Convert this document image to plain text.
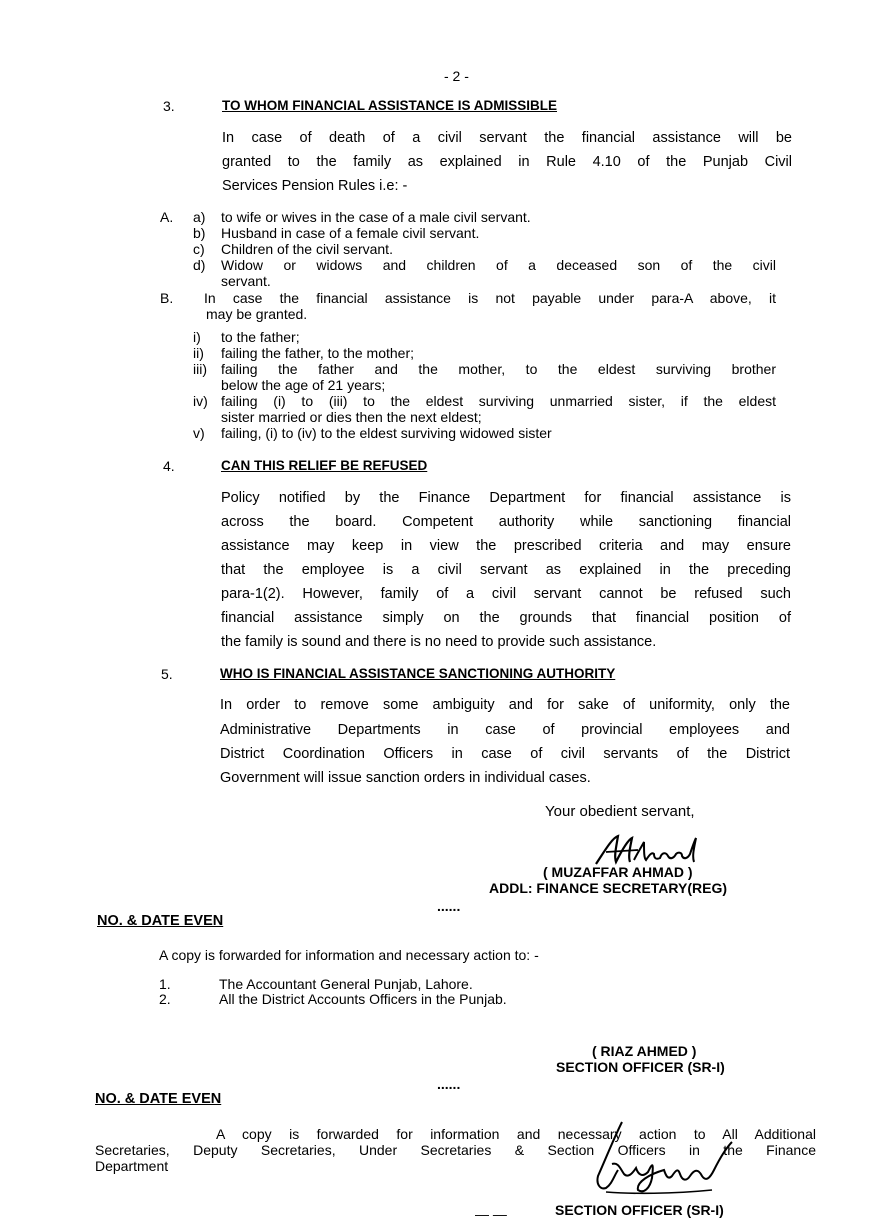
- 2 -
3.	TO WHOM FINANCIAL ASSISTANCE IS ADMISSIBLE
In case of death of a civil servant the financial assistance will be
granted to the family as explained in Rule 4.10 of the Punjab Civil
Services Pension Rules i.e: -
A. a) to wife or wives in the case of a male civil servant.
b) Husband in case of a female civil servant.
c) Children of the civil servant.
d) Widow or widows and children of a deceased son of the civil
servant.
B. In case the financial assistance is not payable under para-A above, it
may be granted.
i) to the father;
ii) failing the father, to the mother;
iii) failing the father and the mother, to the eldest surviving brother
below the age of 21 years;
iv) failing (i) to (iii) to the eldest surviving unmarried sister, if the eldest
sister married or dies then the next eldest;
v) failing, (i) to (iv) to the eldest surviving widowed sister
4.	CAN THIS RELIEF BE REFUSED
Policy notified by the Finance Department for financial assistance is
across the board. Competent authority while sanctioning financial
assistance may keep in view the prescribed criteria and may ensure
that the employee is a civil servant as explained in the preceding
para-1(2). However, family of a civil servant cannot be refused such
financial assistance simply on the grounds that financial position of
the family is sound and there is no need to provide such assistance.
5.	WHO IS FINANCIAL ASSISTANCE SANCTIONING AUTHORITY
In order to remove some ambiguity and for sake of uniformity, only the
Administrative Departments in case of provincial employees and
District Coordination Officers in case of civil servants of the District
Government will issue sanction orders in individual cases.
Your obedient servant,
( MUZAFFAR AHMAD )
ADDL: FINANCE SECRETARY(REG)
......
NO. & DATE EVEN
A copy is forwarded for information and necessary action to: -
1.	The Accountant General Punjab, Lahore.
2.	All the District Accounts Officers in the Punjab.
( RIAZ AHMED )
SECTION OFFICER (SR-I)
......
NO. & DATE EVEN
A copy is forwarded for information and necessary action to All Additional
Secretaries, Deputy Secretaries, Under Secretaries & Section Officers in the Finance
Department
SECTION OFFICER (SR-I)
— —
